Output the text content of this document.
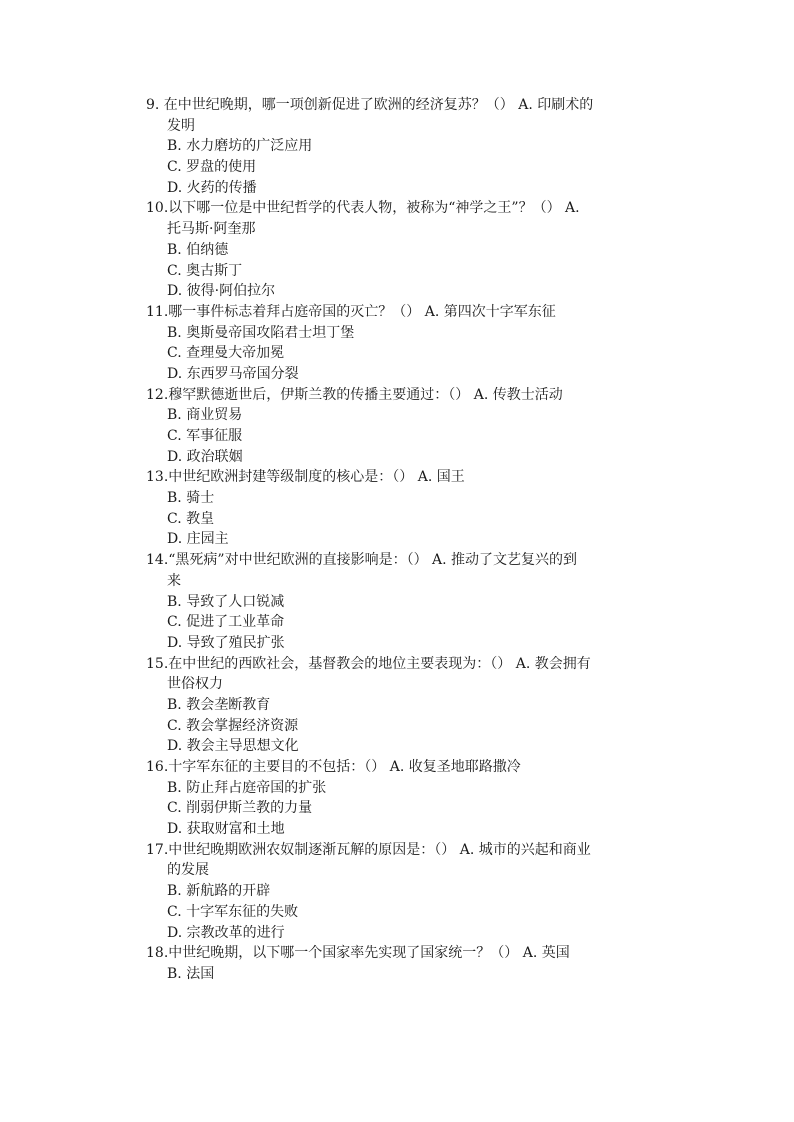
9. 在中世纪晚期，哪一项创新促进了欧洲的经济复苏？（） A. 印刷术的
发明
B. 水力磨坊的广泛应用
C. 罗盘的使用
D. 火药的传播
10.以下哪一位是中世纪哲学的代表人物，被称为“神学之王”？（） A.
托马斯·阿奎那
B. 伯纳德
C. 奥古斯丁
D. 彼得·阿伯拉尔
11.哪一事件标志着拜占庭帝国的灭亡？（） A. 第四次十字军东征
B. 奥斯曼帝国攻陷君士坦丁堡
C. 查理曼大帝加冕
D. 东西罗马帝国分裂
12.穆罕默德逝世后，伊斯兰教的传播主要通过：（） A. 传教士活动
B. 商业贸易
C. 军事征服
D. 政治联姻
13.中世纪欧洲封建等级制度的核心是：（） A. 国王
B. 骑士
C. 教皇
D. 庄园主
14.“黑死病”对中世纪欧洲的直接影响是：（） A. 推动了文艺复兴的到
来
B. 导致了人口锐减
C. 促进了工业革命
D. 导致了殖民扩张
15.在中世纪的西欧社会，基督教会的地位主要表现为：（） A. 教会拥有
世俗权力
B. 教会垄断教育
C. 教会掌握经济资源
D. 教会主导思想文化
16.十字军东征的主要目的不包括：（） A. 收复圣地耶路撒冷
B. 防止拜占庭帝国的扩张
C. 削弱伊斯兰教的力量
D. 获取财富和土地
17.中世纪晚期欧洲农奴制逐渐瓦解的原因是：（） A. 城市的兴起和商业
的发展
B. 新航路的开辟
C. 十字军东征的失败
D. 宗教改革的进行
18.中世纪晚期，以下哪一个国家率先实现了国家统一？（） A. 英国
B. 法国
